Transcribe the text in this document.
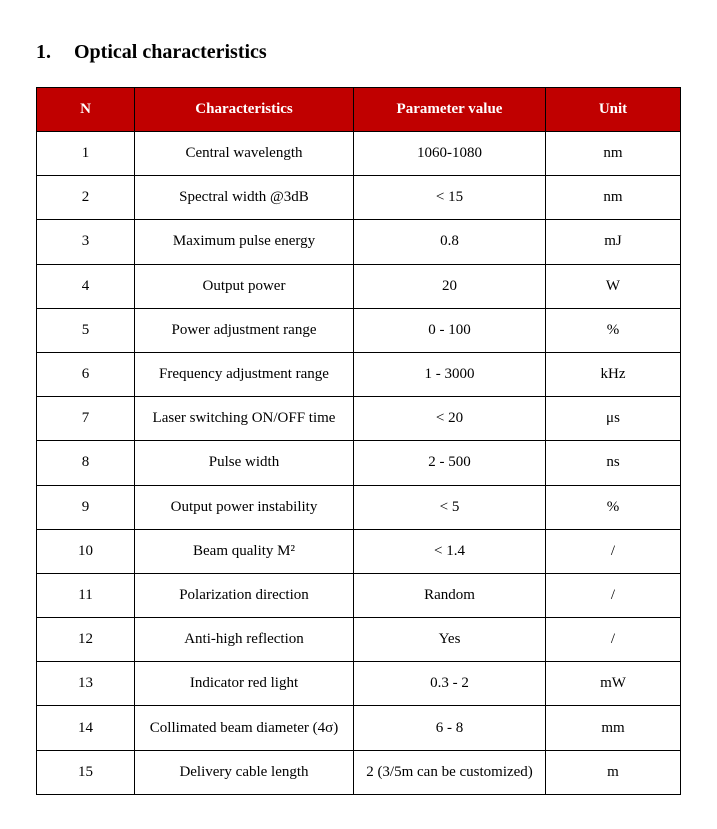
1.	Optical characteristics
N	Characteristics	Parameter value	Unit
1	Central wavelength	1060-1080	nm
2	Spectral width @3dB	< 15	nm
3	Maximum pulse energy	0.8	mJ
4	Output power	20	W
5	Power adjustment range	0 - 100	%
6	Frequency adjustment range	1 - 3000	kHz
7	Laser switching ON/OFF time	< 20	μs
8	Pulse width	2 - 500	ns
9	Output power instability	< 5	%
10	Beam quality M²	< 1.4	/
11	Polarization direction	Random	/
12	Anti-high reflection	Yes	/
13	Indicator red light	0.3 - 2	mW
14	Collimated beam diameter (4σ)	6 - 8	mm
15	Delivery cable length	2 (3/5m can be customized)	m
